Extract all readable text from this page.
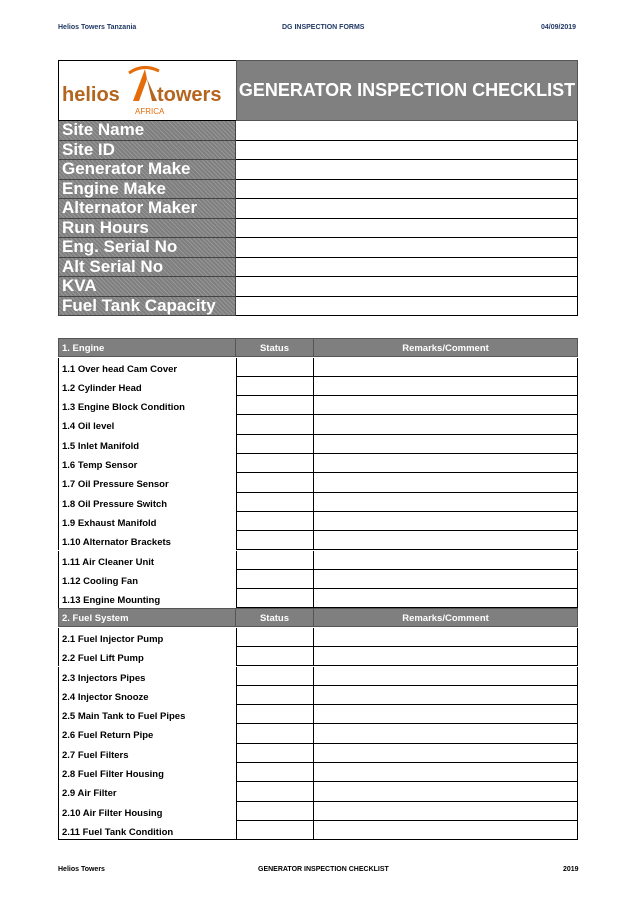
Helios Towers Tanzania	DG INSPECTION FORMS	04/09/2019
helios towers
AFRICA
GENERATOR INSPECTION CHECKLIST
Site Name
Site ID
Generator Make
Engine Make
Alternator Maker
Run Hours
Eng. Serial No
Alt Serial No
KVA
Fuel Tank Capacity
1. Engine	Status	Remarks/Comment
1.1 Over head Cam Cover
1.2 Cylinder Head
1.3 Engine Block Condition
1.4 Oil level
1.5 Inlet Manifold
1.6 Temp Sensor
1.7 Oil Pressure Sensor
1.8 Oil Pressure Switch
1.9 Exhaust Manifold
1.10 Alternator Brackets
1.11 Air Cleaner Unit
1.12 Cooling Fan
1.13 Engine Mounting
2. Fuel System	Status	Remarks/Comment
2.1 Fuel Injector Pump
2.2 Fuel Lift Pump
2.3 Injectors Pipes
2.4 Injector Snooze
2.5 Main Tank to Fuel Pipes
2.6 Fuel Return Pipe
2.7 Fuel Filters
2.8 Fuel Filter Housing
2.9 Air Filter
2.10 Air Filter Housing
2.11 Fuel Tank Condition
Helios Towers	GENERATOR INSPECTION CHECKLIST	2019
